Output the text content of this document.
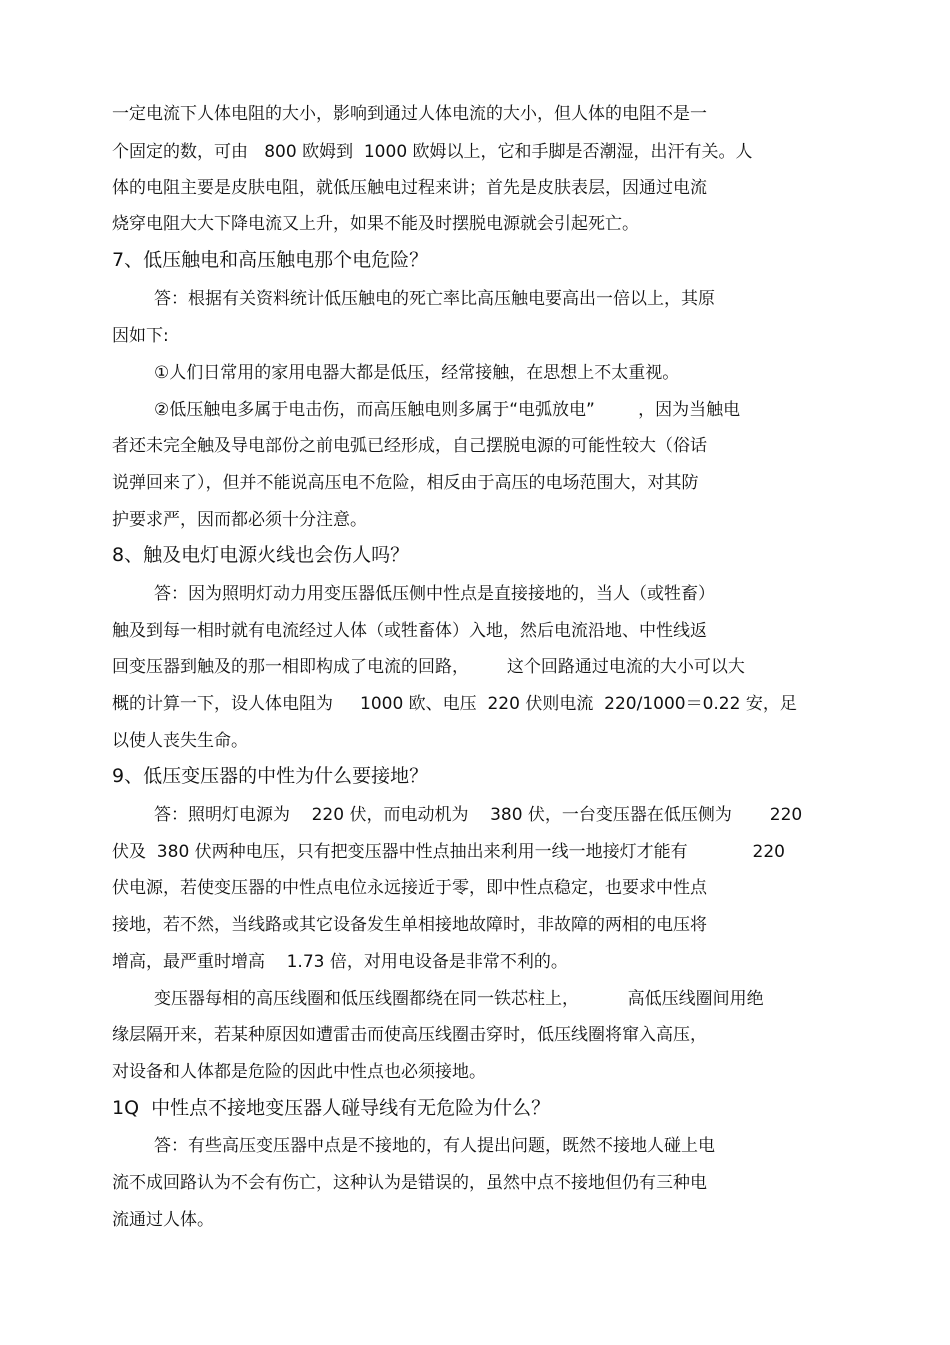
一定电流下人体电阻的大小，影响到通过人体电流的大小，但人体的电阻不是一
个固定的数，可由   800 欧姆到  1000 欧姆以上，它和手脚是否潮湿，出汗有关。人
体的电阻主要是皮肤电阻，就低压触电过程来讲；首先是皮肤表层，因通过电流
烧穿电阻大大下降电流又上升，如果不能及时摆脱电源就会引起死亡。
7、低压触电和高压触电那个电危险？
答：根据有关资料统计低压触电的死亡率比高压触电要高出一倍以上，其原
因如下:
①人们日常用的家用电器大都是低压，经常接触，在思想上不太重视。
②低压触电多属于电击伤，而高压触电则多属于“电弧放电”        ，因为当触电
者还未完全触及导电部份之前电弧已经形成，自己摆脱电源的可能性较大（俗话
说弹回来了），但并不能说高压电不危险，相反由于高压的电场范围大，对其防
护要求严，因而都必须十分注意。
8、触及电灯电源火线也会伤人吗？
答：因为照明灯动力用变压器低压侧中性点是直接接地的，当人（或牲畜）
触及到每一相时就有电流经过人体（或牲畜体）入地，然后电流沿地、中性线返
回变压器到触及的那一相即构成了电流的回路，       这个回路通过电流的大小可以大
概的计算一下，设人体电阻为     1000 欧、电压  220 伏则电流  220/1000＝0.22 安，足
以使人丧失生命。
9、低压变压器的中性为什么要接地？
答：照明灯电源为    220 伏，而电动机为    380 伏，一台变压器在低压侧为       220
伏及  380 伏两种电压，只有把变压器中性点抽出来利用一线一地接灯才能有            220
伏电源，若使变压器的中性点电位永远接近于零，即中性点稳定，也要求中性点
接地，若不然，当线路或其它设备发生单相接地故障时，非故障的两相的电压将
增高，最严重时增高    1.73 倍，对用电设备是非常不利的。
变压器每相的高压线圈和低压线圈都绕在同一铁芯柱上，         高低压线圈间用绝
缘层隔开来，若某种原因如遭雷击而使高压线圈击穿时，低压线圈将窜入高压，
对设备和人体都是危险的因此中性点也必须接地。
1Q  中性点不接地变压器人碰导线有无危险为什么？
答：有些高压变压器中点是不接地的，有人提出问题，既然不接地人碰上电
流不成回路认为不会有伤亡，这种认为是错误的，虽然中点不接地但仍有三种电
流通过人体。
